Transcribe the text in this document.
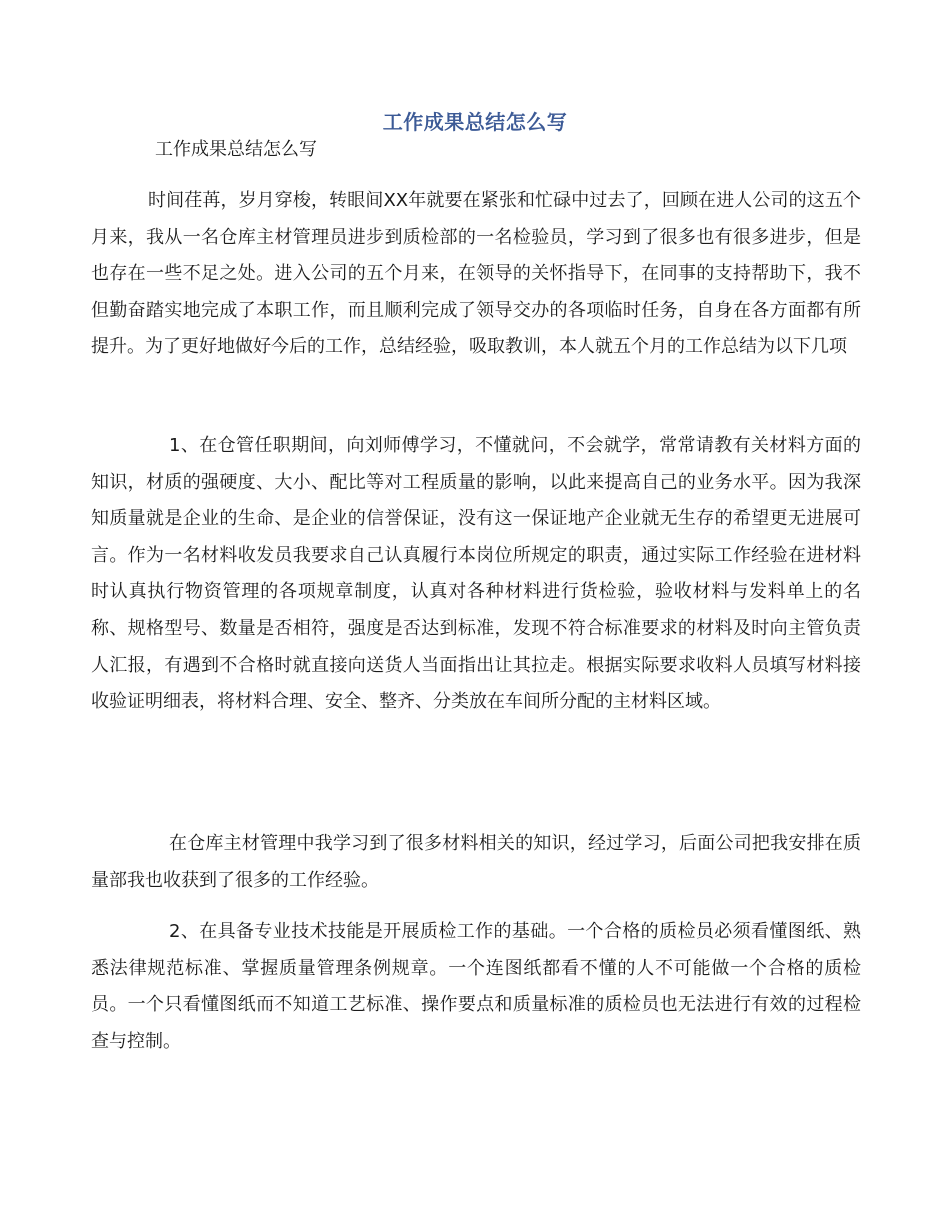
工作成果总结怎么写
工作成果总结怎么写

时间荏苒，岁月穿梭，转眼间XX年就要在紧张和忙碌中过去了，回顾在进人公司的这五个月来，我从一名仓库主材管理员进步到质检部的一名检验员，学习到了很多也有很多进步，但是也存在一些不足之处。进入公司的五个月来，在领导的关怀指导下，在同事的支持帮助下，我不但勤奋踏实地完成了本职工作，而且顺利完成了领导交办的各项临时任务，自身在各方面都有所提升。为了更好地做好今后的工作，总结经验，吸取教训，本人就五个月的工作总结为以下几项

1、在仓管任职期间，向刘师傅学习，不懂就问，不会就学，常常请教有关材料方面的知识，材质的强硬度、大小、配比等对工程质量的影响，以此来提高自己的业务水平。因为我深知质量就是企业的生命、是企业的信誉保证，没有这一保证地产企业就无生存的希望更无进展可言。作为一名材料收发员我要求自己认真履行本岗位所规定的职责，通过实际工作经验在进材料时认真执行物资管理的各项规章制度，认真对各种材料进行货检验，验收材料与发料单上的名称、规格型号、数量是否相符，强度是否达到标准，发现不符合标准要求的材料及时向主管负责人汇报，有遇到不合格时就直接向送货人当面指出让其拉走。根据实际要求收料人员填写材料接收验证明细表，将材料合理、安全、整齐、分类放在车间所分配的主材料区域。

在仓库主材管理中我学习到了很多材料相关的知识，经过学习，后面公司把我安排在质量部我也收获到了很多的工作经验。

2、在具备专业技术技能是开展质检工作的基础。一个合格的质检员必须看懂图纸、熟悉法律规范标准、掌握质量管理条例规章。一个连图纸都看不懂的人不可能做一个合格的质检员。一个只看懂图纸而不知道工艺标准、操作要点和质量标准的质检员也无法进行有效的过程检查与控制。
